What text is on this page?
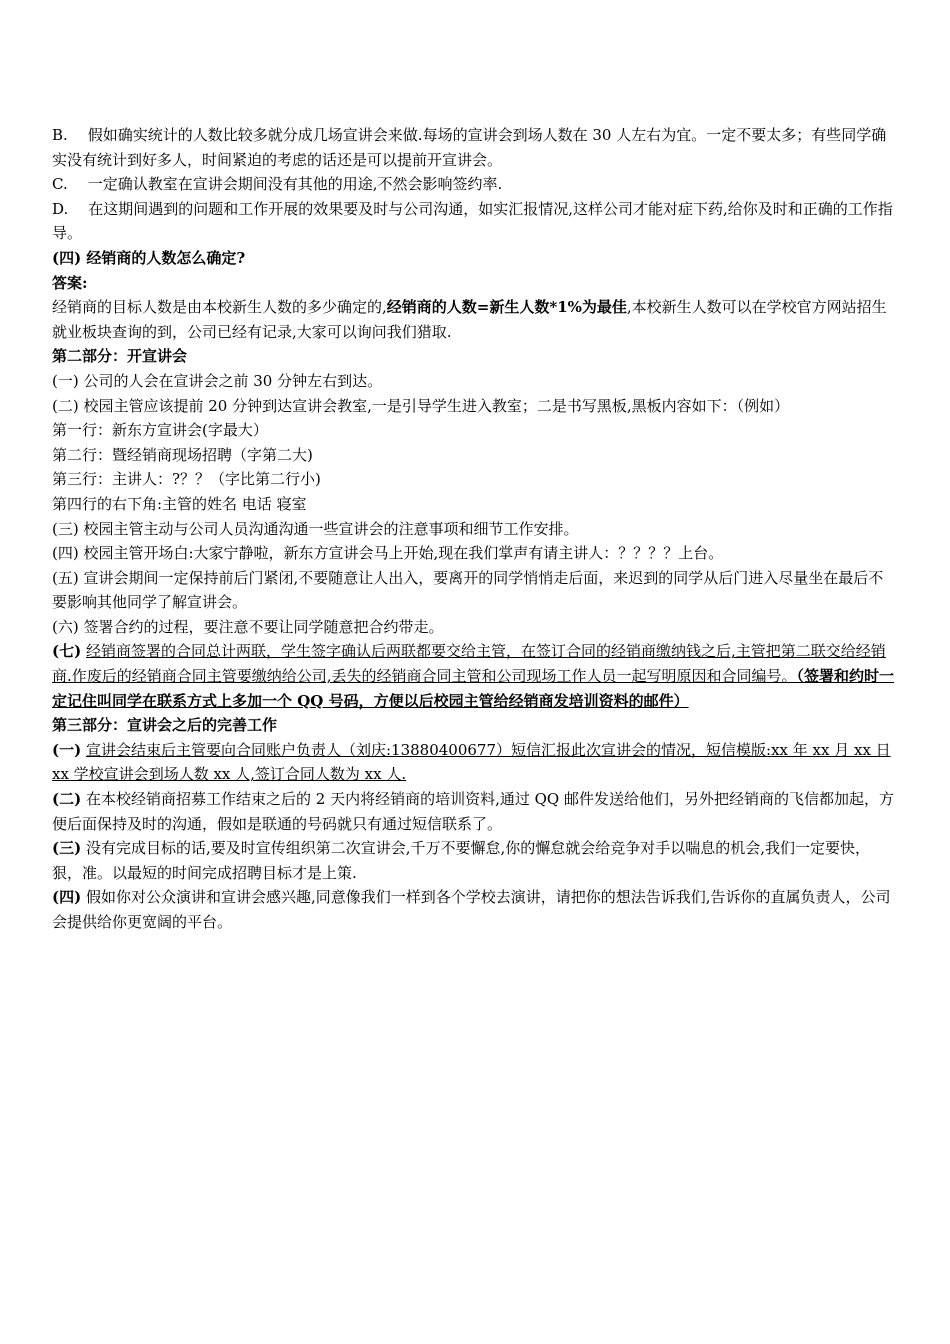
B. 假如确实统计的人数比较多就分成几场宣讲会来做.每场的宣讲会到场人数在 30 人左右为宜。一定不要太多；有些同学确实没有统计到好多人，时间紧迫的考虑的话还是可以提前开宣讲会。

C. 一定确认教室在宣讲会期间没有其他的用途,不然会影响签约率.

D. 在这期间遇到的问题和工作开展的效果要及时与公司沟通，如实汇报情况,这样公司才能对症下药,给你及时和正确的工作指导。

(四) 经销商的人数怎么确定?

答案:

经销商的目标人数是由本校新生人数的多少确定的,经销商的人数=新生人数*1%为最佳,本校新生人数可以在学校官方网站招生就业板块查询的到，公司已经有记录,大家可以询问我们猎取.

第二部分：开宣讲会

(一) 公司的人会在宣讲会之前 30 分钟左右到达。

(二) 校园主管应该提前 20 分钟到达宣讲会教室,一是引导学生进入教室；二是书写黑板,黑板内容如下：（例如）

第一行：新东方宣讲会(字最大）

第二行：暨经销商现场招聘（字第二大)

第三行：主讲人：?？？（字比第二行小)

第四行的右下角:主管的姓名 电话 寝室

(三) 校园主管主动与公司人员沟通沟通一些宣讲会的注意事项和细节工作安排。

(四) 校园主管开场白:大家宁静啦，新东方宣讲会马上开始,现在我们掌声有请主讲人：？？？？上台。

(五) 宣讲会期间一定保持前后门紧闭,不要随意让人出入，要离开的同学悄悄走后面，来迟到的同学从后门进入尽量坐在最后不要影响其他同学了解宣讲会。

(六) 签署合约的过程，要注意不要让同学随意把合约带走。

(七) 经销商签署的合同总计两联，学生签字确认后两联都要交给主管，在签订合同的经销商缴纳钱之后,主管把第二联交给经销商.作废后的经销商合同主管要缴纳给公司,丢失的经销商合同主管和公司现场工作人员一起写明原因和合同编号。（签署和约时一定记住叫同学在联系方式上多加一个 QQ 号码，方便以后校园主管给经销商发培训资料的邮件）

第三部分：宣讲会之后的完善工作

(一) 宣讲会结束后主管要向合同账户负责人（刘庆:13880400677）短信汇报此次宣讲会的情况，短信模版:xx 年 xx 月 xx 日 xx 学校宣讲会到场人数 xx 人,签订合同人数为 xx 人.

(二) 在本校经销商招募工作结束之后的 2 天内将经销商的培训资料,通过 QQ 邮件发送给他们，另外把经销商的飞信都加起，方便后面保持及时的沟通，假如是联通的号码就只有通过短信联系了。

(三) 没有完成目标的话,要及时宣传组织第二次宣讲会,千万不要懈怠,你的懈怠就会给竞争对手以喘息的机会,我们一定要快，狠，准。以最短的时间完成招聘目标才是上策.

(四) 假如你对公众演讲和宣讲会感兴趣,同意像我们一样到各个学校去演讲，请把你的想法告诉我们,告诉你的直属负责人，公司会提供给你更宽阔的平台。
